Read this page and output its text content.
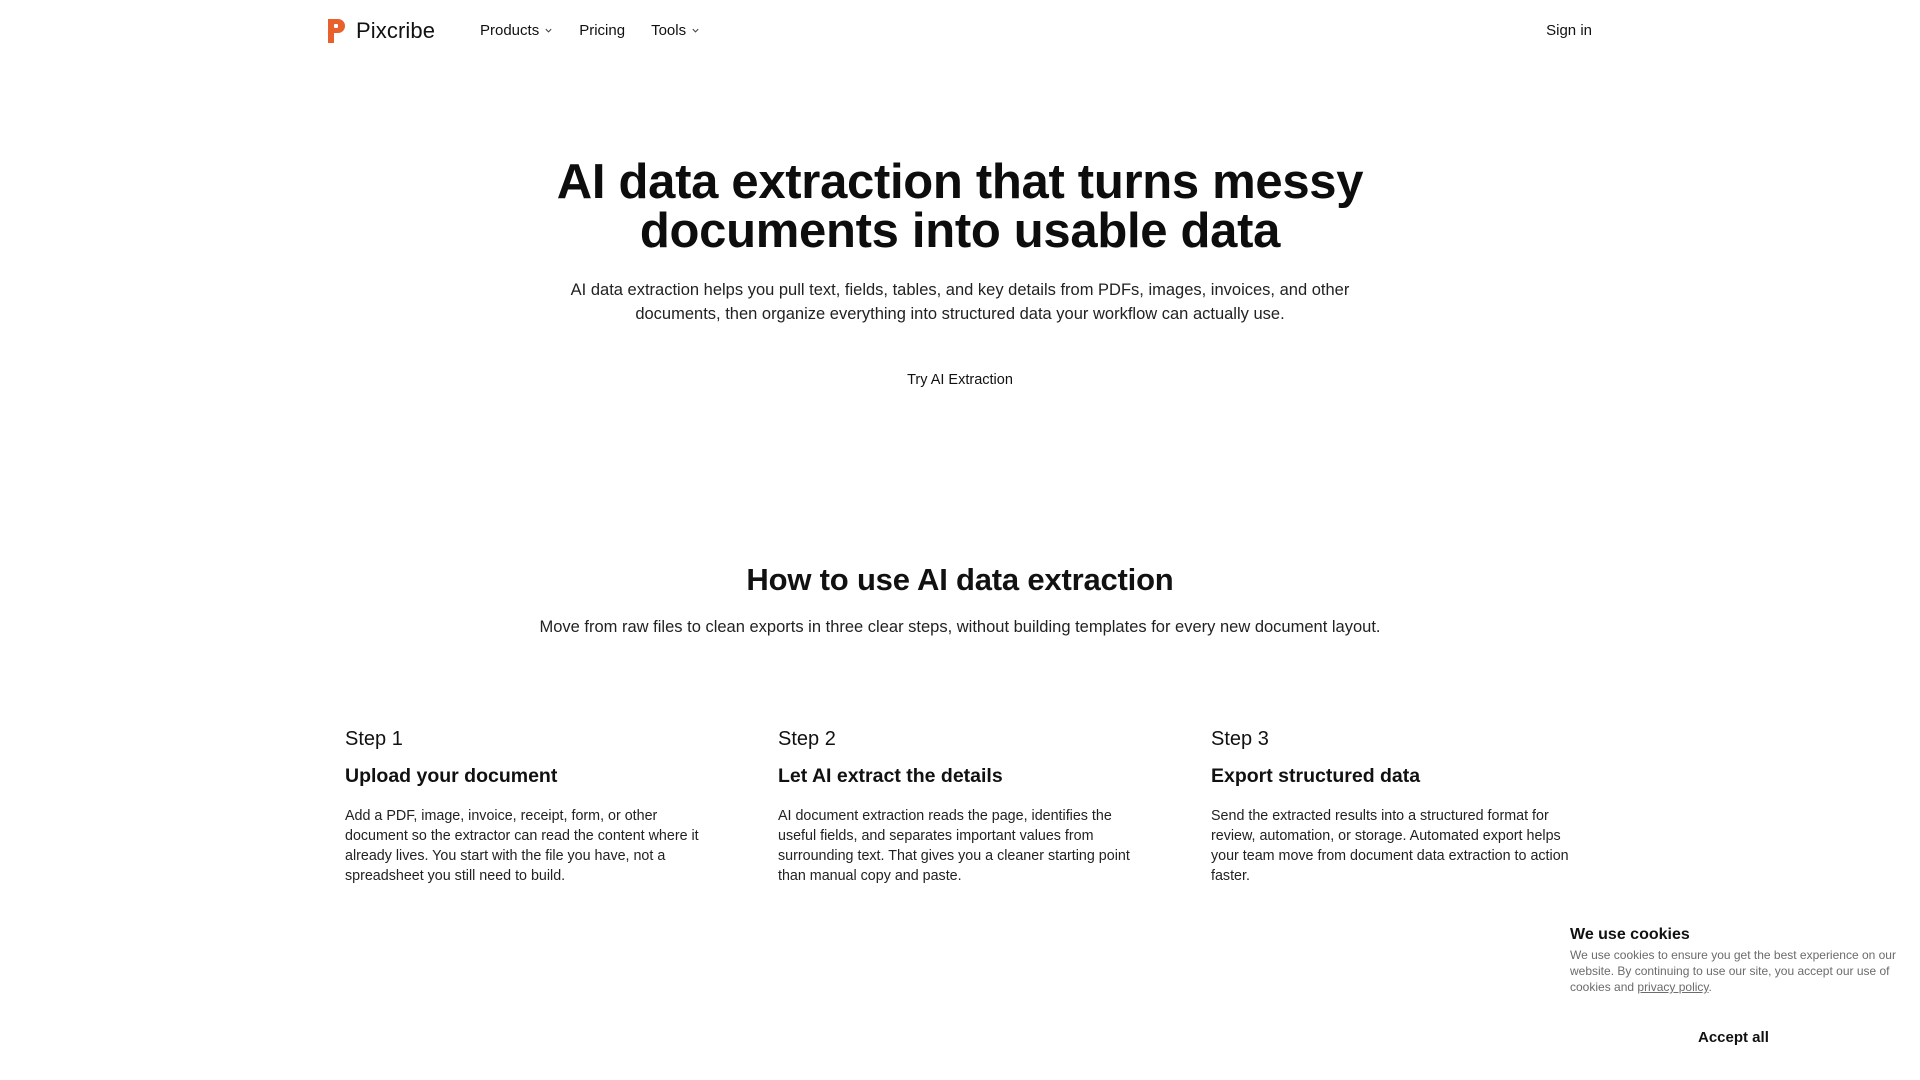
Pixcribe	Products	Pricing Tools	Sign in
AI data extraction that turns messy documents into usable data

AI data extraction helps you pull text, fields, tables, and key details from PDFs, images, invoices, and other documents, then organize everything into structured data your workflow can actually use.

Try AI Extraction
How to use AI data extraction

Move from raw files to clean exports in three clear steps, without building templates for every new document layout.

Step 1
Upload your document

Add a PDF, image, invoice, receipt, form, or other document so the extractor can read the content where it already lives. You start with the file you have, not a spreadsheet you still need to build.

Step 2
Let AI extract the details

AI document extraction reads the page, identifies the useful fields, and separates important values from surrounding text. That gives you a cleaner starting point than manual copy and paste.

Step 3
Export structured data

Send the extracted results into a structured format for review, automation, or storage. Automated export helps your team move from document data extraction to action faster.

We use cookies

We use cookies to ensure you get the best experience on our website. By continuing to use our site, you accept our use of cookies and privacy policy.

Accept all
